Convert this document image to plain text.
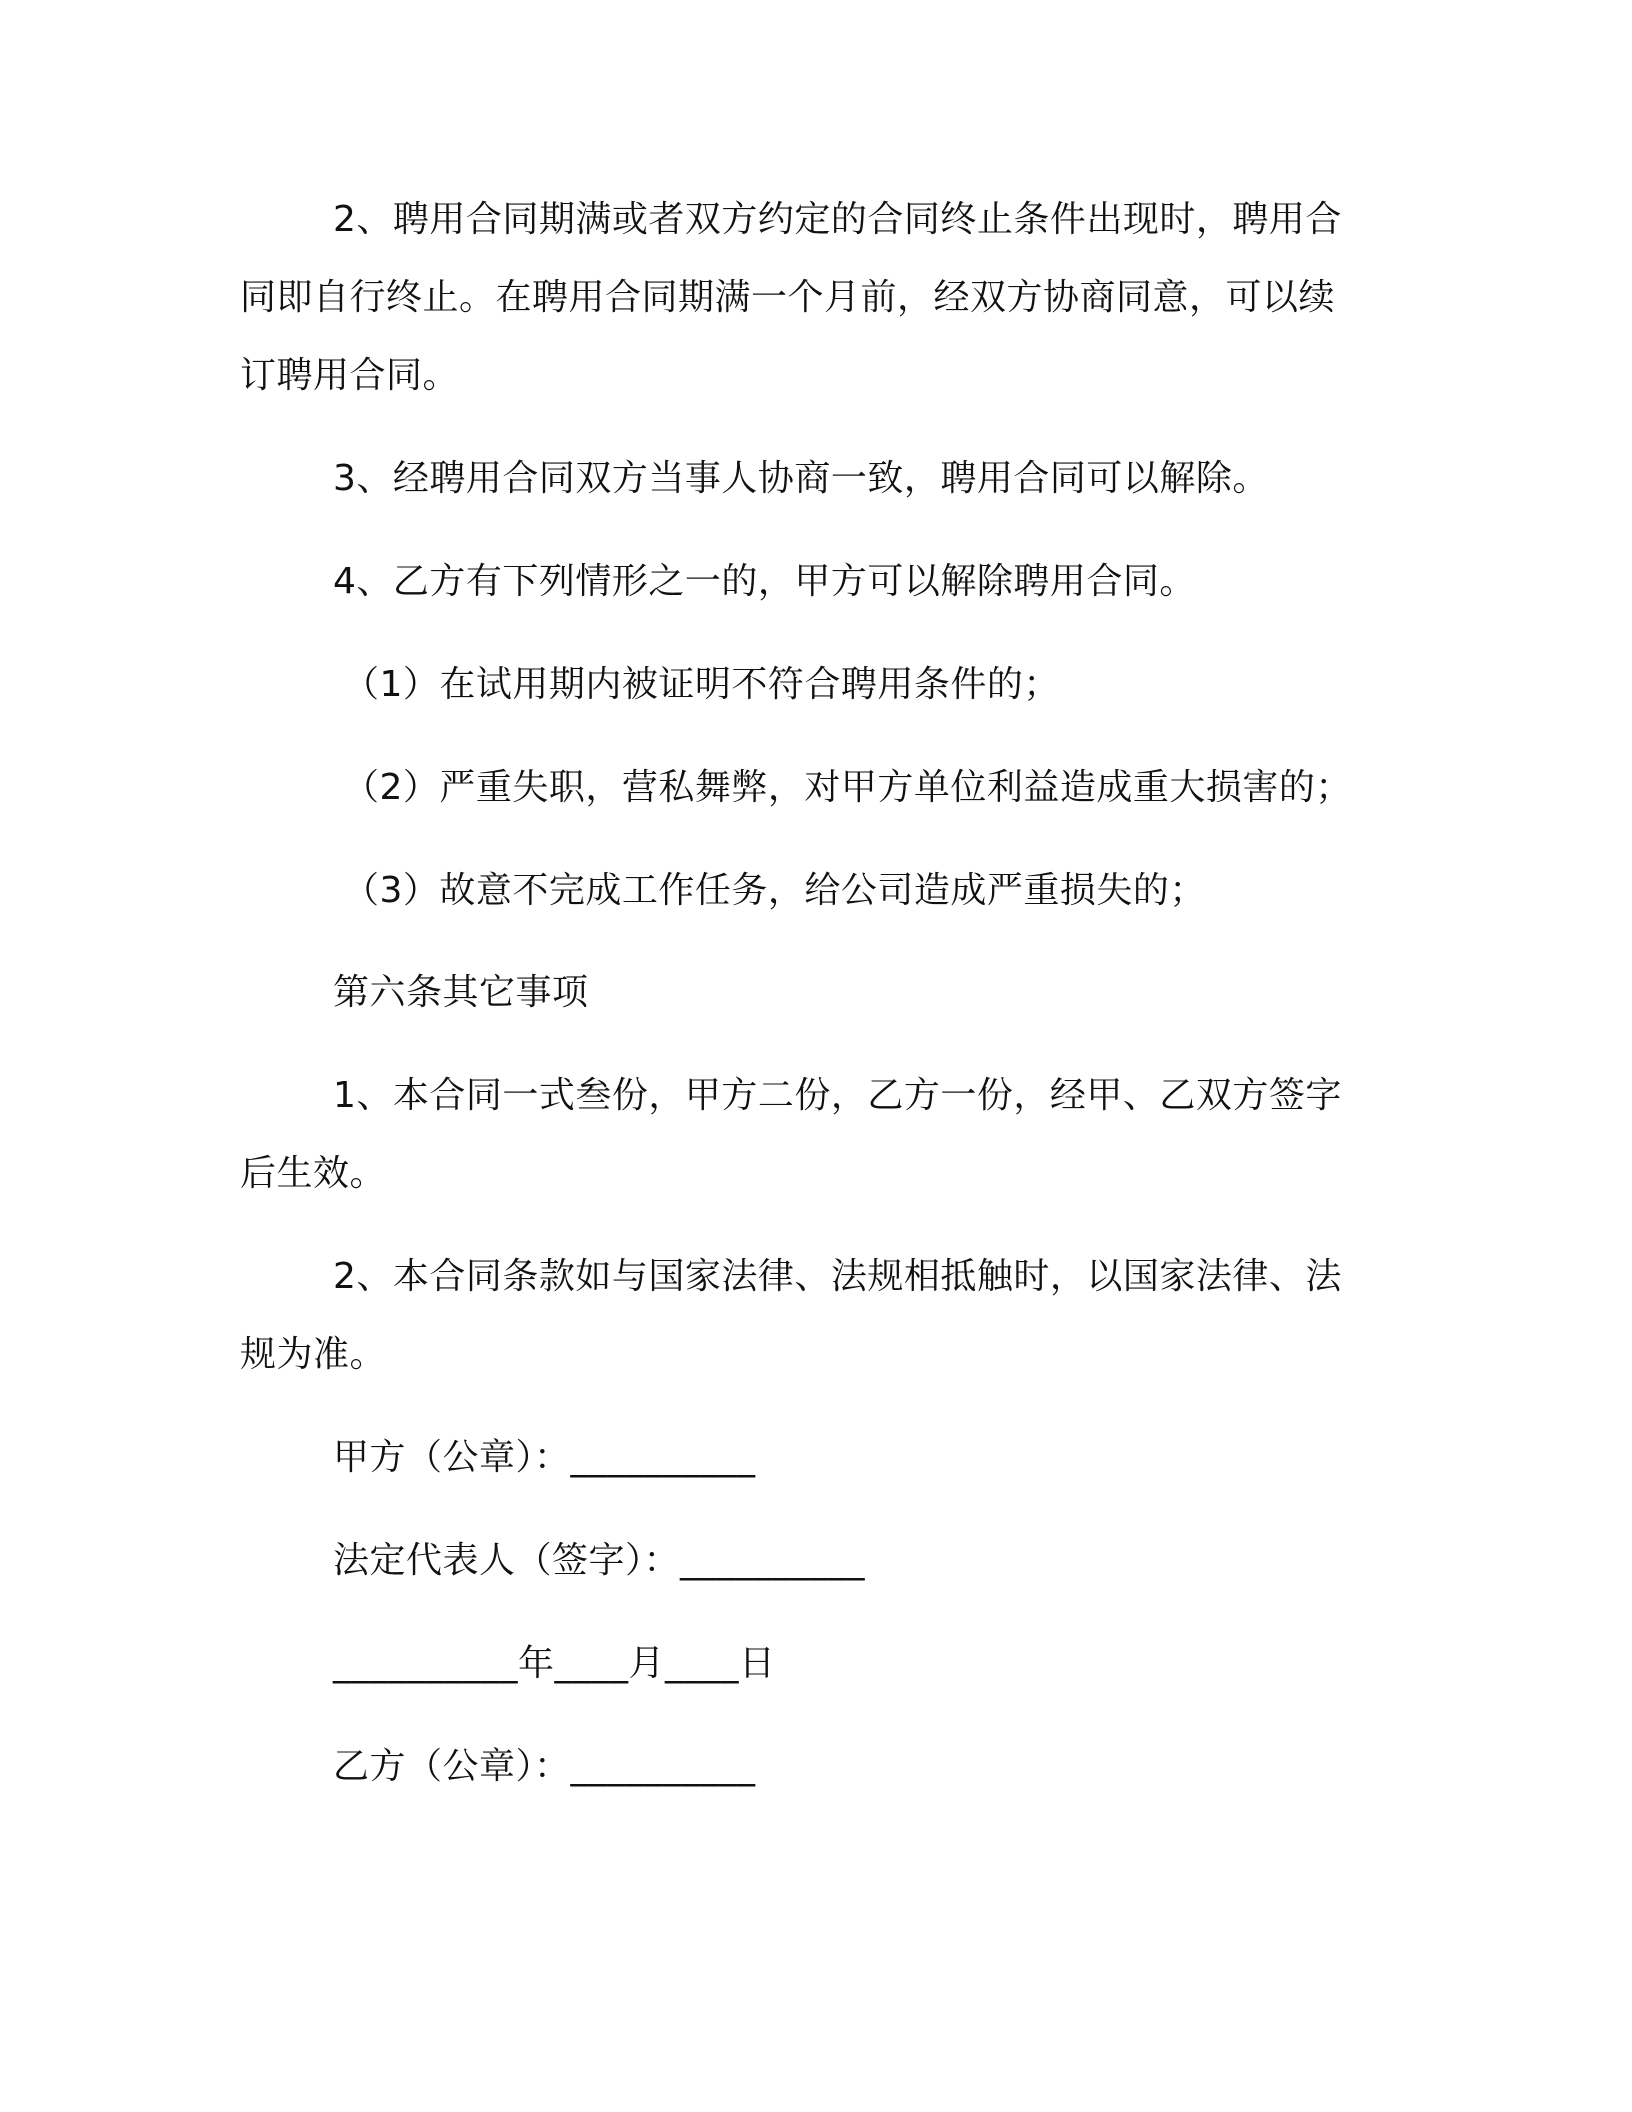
2、聘用合同期满或者双方约定的合同终止条件出现时，聘用合
同即自行终止。在聘用合同期满一个月前，经双方协商同意，可以续
订聘用合同。
3、经聘用合同双方当事人协商一致，聘用合同可以解除。
4、乙方有下列情形之一的，甲方可以解除聘用合同。
（1）在试用期内被证明不符合聘用条件的；
（2）严重失职，营私舞弊，对甲方单位利益造成重大损害的；
（3）故意不完成工作任务，给公司造成严重损失的；
第六条其它事项
1、本合同一式叁份，甲方二份，乙方一份，经甲、乙双方签字
后生效。
2、本合同条款如与国家法律、法规相抵触时，以国家法律、法
规为准。
甲方（公章）：__________
法定代表人（签字）：__________
__________年____月____日
乙方（公章）：__________
